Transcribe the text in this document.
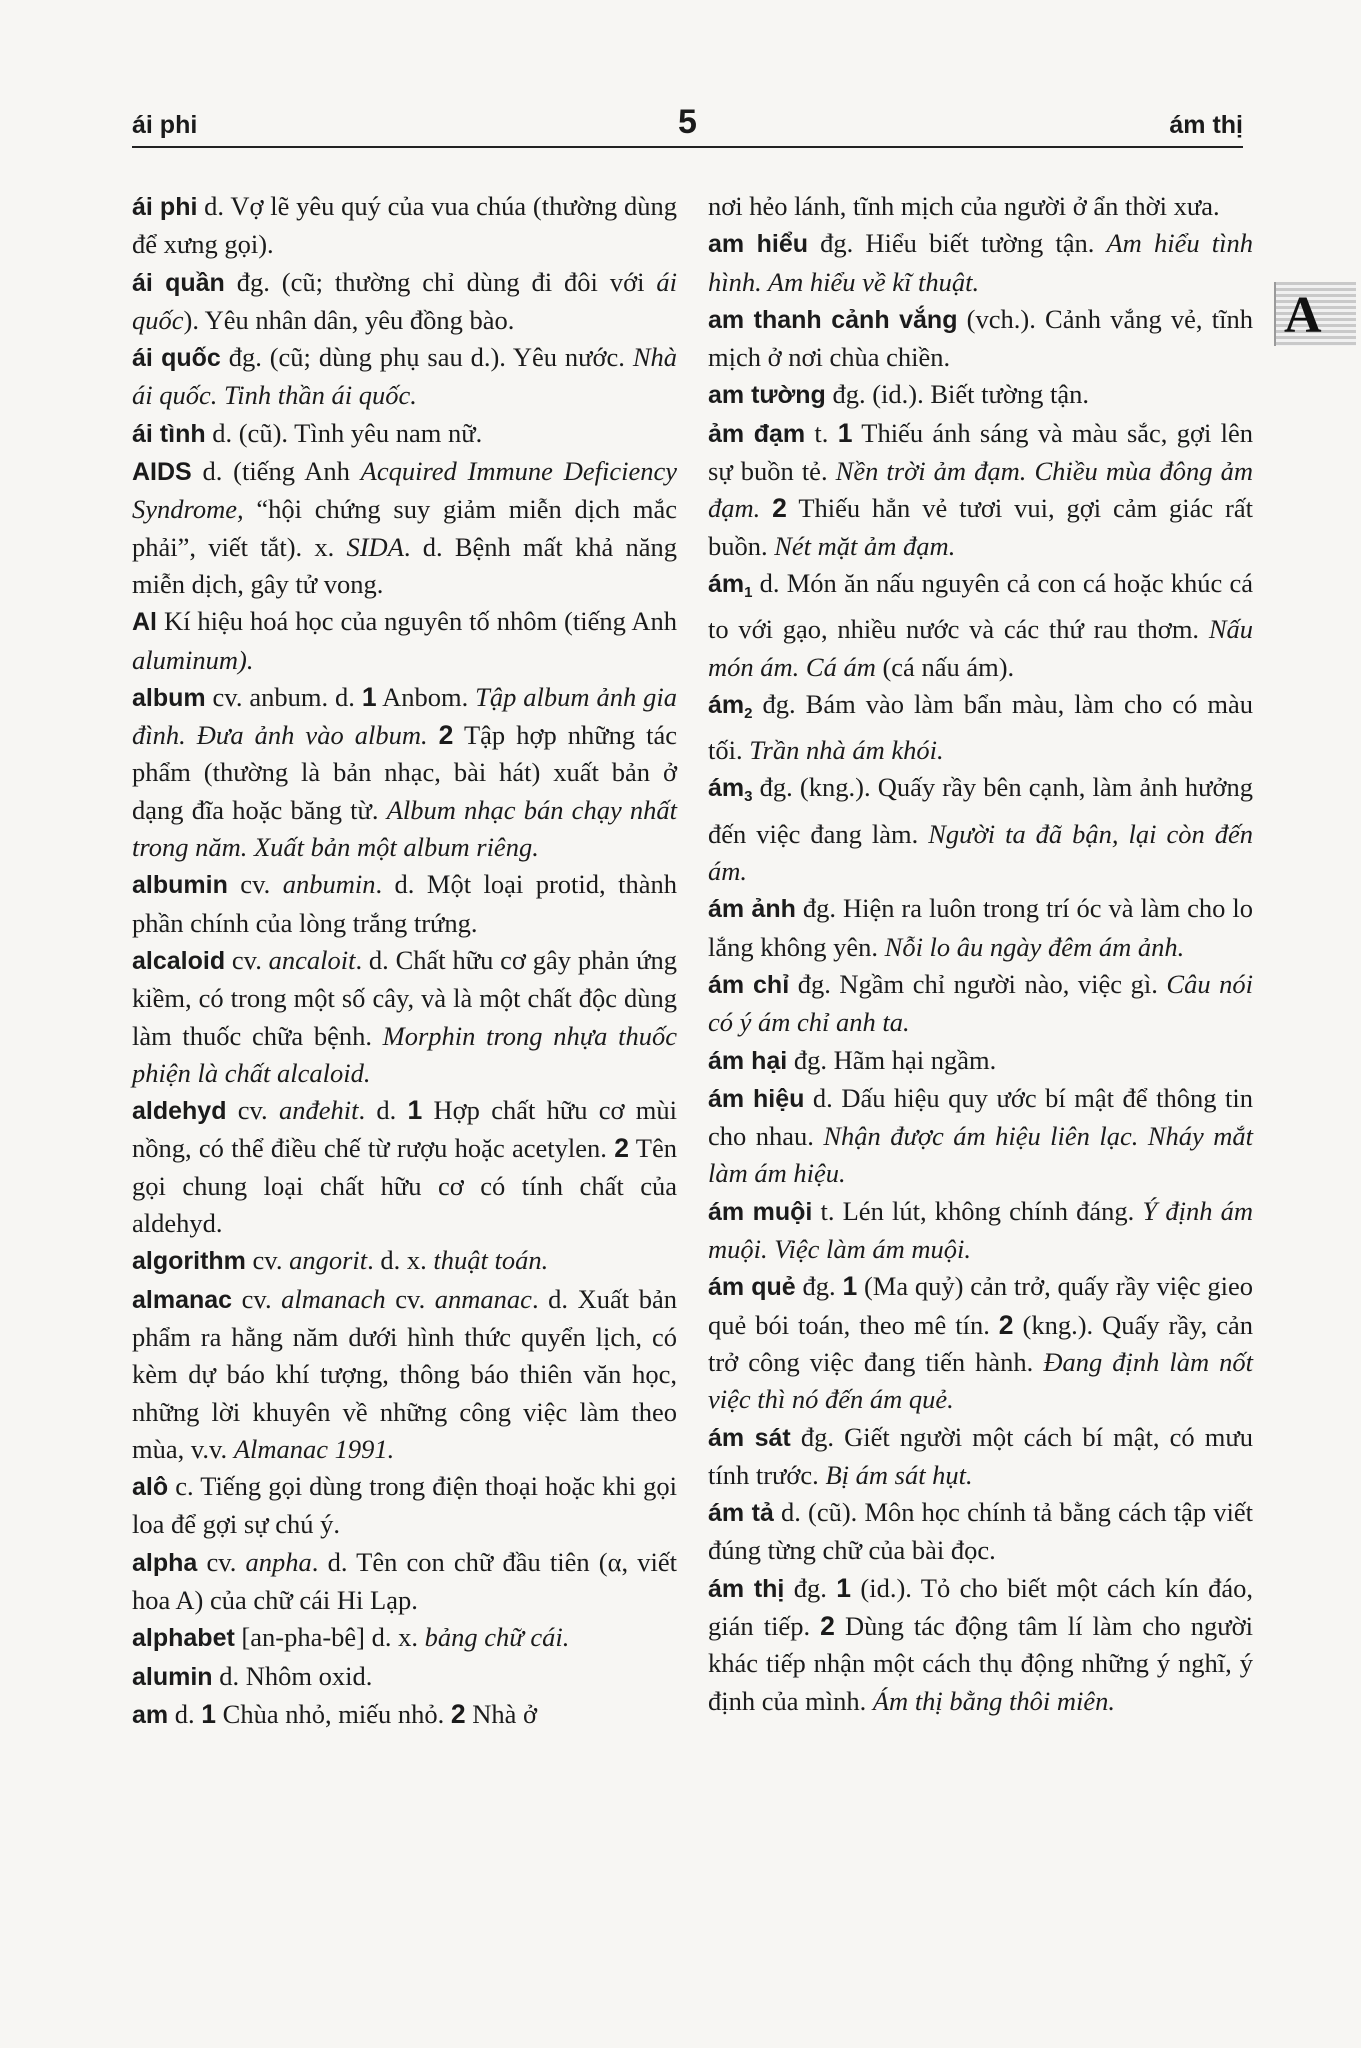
ái phi	5	ám thị
ái phi d. Vợ lẽ yêu quý của vua chúa (thường dùng để xưng gọi).
ái quần đg. (cũ; thường chỉ dùng đi đôi với ái quốc). Yêu nhân dân, yêu đồng bào.
ái quốc đg. (cũ; dùng phụ sau d.). Yêu nước. Nhà ái quốc. Tinh thần ái quốc.
ái tình d. (cũ). Tình yêu nam nữ.
AIDS d. (tiếng Anh Acquired Immune Deficiency Syndrome, “hội chứng suy giảm miễn dịch mắc phải”, viết tắt). x. SIDA. d. Bệnh mất khả năng miễn dịch, gây tử vong.
Al Kí hiệu hoá học của nguyên tố nhôm (tiếng Anh aluminum).
album cv. anbum. d. 1 Anbom. Tập album ảnh gia đình. Đưa ảnh vào album. 2 Tập hợp những tác phẩm (thường là bản nhạc, bài hát) xuất bản ở dạng đĩa hoặc băng từ. Album nhạc bán chạy nhất trong năm. Xuất bản một album riêng.
albumin cv. anbumin. d. Một loại protid, thành phần chính của lòng trắng trứng.
alcaloid cv. ancaloit. d. Chất hữu cơ gây phản ứng kiềm, có trong một số cây, và là một chất độc dùng làm thuốc chữa bệnh. Morphin trong nhựa thuốc phiện là chất alcaloid.
aldehyd cv. anđehit. d. 1 Hợp chất hữu cơ mùi nồng, có thể điều chế từ rượu hoặc acetylen. 2 Tên gọi chung loại chất hữu cơ có tính chất của aldehyd.
algorithm cv. angorit. d. x. thuật toán.
almanac cv. almanach cv. anmanac. d. Xuất bản phẩm ra hằng năm dưới hình thức quyển lịch, có kèm dự báo khí tượng, thông báo thiên văn học, những lời khuyên về những công việc làm theo mùa, v.v. Almanac 1991.
alô c. Tiếng gọi dùng trong điện thoại hoặc khi gọi loa để gợi sự chú ý.
alpha cv. anpha. d. Tên con chữ đầu tiên (α, viết hoa A) của chữ cái Hi Lạp.
alphabet [an-pha-bê] d. x. bảng chữ cái.
alumin d. Nhôm oxid.
am d. 1 Chùa nhỏ, miếu nhỏ. 2 Nhà ở
nơi hẻo lánh, tĩnh mịch của người ở ẩn thời xưa.
am hiểu đg. Hiểu biết tường tận. Am hiểu tình hình. Am hiểu về kĩ thuật.
am thanh cảnh vắng (vch.). Cảnh vắng vẻ, tĩnh mịch ở nơi chùa chiền.
am tường đg. (id.). Biết tường tận.
ảm đạm t. 1 Thiếu ánh sáng và màu sắc, gợi lên sự buồn tẻ. Nền trời ảm đạm. Chiều mùa đông ảm đạm. 2 Thiếu hẳn vẻ tươi vui, gợi cảm giác rất buồn. Nét mặt ảm đạm.
$ám_1$ d. Món ăn nấu nguyên cả con cá hoặc khúc cá to với gạo, nhiều nước và các thứ rau thơm. Nấu món ám. Cá ám (cá nấu ám).
$ám_2$ đg. Bám vào làm bẩn màu, làm cho có màu tối. Trần nhà ám khói.
$ám_3$ đg. (kng.). Quấy rầy bên cạnh, làm ảnh hưởng đến việc đang làm. Người ta đã bận, lại còn đến ám.
ám ảnh đg. Hiện ra luôn trong trí óc và làm cho lo lắng không yên. Nỗi lo âu ngày đêm ám ảnh.
ám chỉ đg. Ngầm chỉ người nào, việc gì. Câu nói có ý ám chỉ anh ta.
ám hại đg. Hãm hại ngầm.
ám hiệu d. Dấu hiệu quy ước bí mật để thông tin cho nhau. Nhận được ám hiệu liên lạc. Nháy mắt làm ám hiệu.
ám muội t. Lén lút, không chính đáng. Ý định ám muội. Việc làm ám muội.
ám quẻ đg. 1 (Ma quỷ) cản trở, quấy rầy việc gieo quẻ bói toán, theo mê tín. 2 (kng.). Quấy rầy, cản trở công việc đang tiến hành. Đang định làm nốt việc thì nó đến ám quẻ.
ám sát đg. Giết người một cách bí mật, có mưu tính trước. Bị ám sát hụt.
ám tả d. (cũ). Môn học chính tả bằng cách tập viết đúng từng chữ của bài đọc.
ám thị đg. 1 (id.). Tỏ cho biết một cách kín đáo, gián tiếp. 2 Dùng tác động tâm lí làm cho người khác tiếp nhận một cách thụ động những ý nghĩ, ý định của mình. Ám thị bằng thôi miên.
A
